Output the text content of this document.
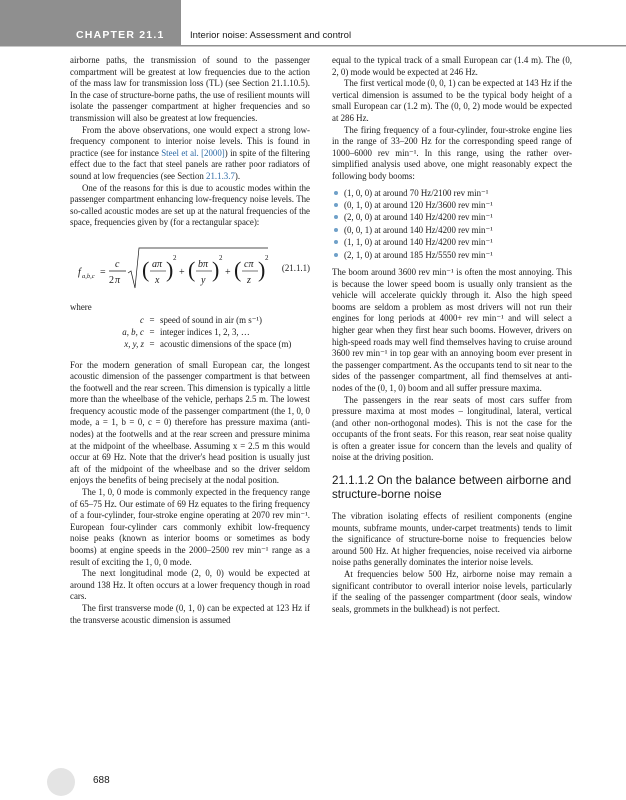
CHAPTER 21.1	Interior noise: Assessment and control

airborne paths, the transmission of sound to the passenger compartment will be greatest at low frequencies due to the action of the mass law for transmission loss (TL) (see Section 21.1.10.5). In the case of structure-borne paths, the use of resilient mounts will isolate the passenger compartment at higher frequencies and so transmission will also be greatest at low frequencies.

From the above observations, one would expect a strong low-frequency component to interior noise levels. This is found in practice (see for instance Steel et al. [2000]) in spite of the filtering effect due to the fact that steel panels are rather poor radiators of sound at low frequencies (see Section 21.1.3.7).

One of the reasons for this is due to acoustic modes within the passenger compartment enhancing low-frequency noise levels. The so-called acoustic modes are set up at the natural frequencies of the space, frequencies given by (for a rectangular space):

f a,b,c =
c
2 π ( aπ
x ) 2
+ ( bπ
y ) 2
+ ( cπ
z ) 2
(21.1.1)

where

c = speed of sound in air (m s⁻¹)
a, b, c = integer indices 1, 2, 3, …
x, y, z = acoustic dimensions of the space (m)

For the modern generation of small European car, the longest acoustic dimension of the passenger compartment is that between the footwell and the rear screen. This dimension is typically a little more than the wheelbase of the vehicle, perhaps 2.5 m. The lowest frequency acoustic mode of the passenger compartment (the 1, 0, 0 mode, a = 1, b = 0, c = 0) therefore has pressure maxima (anti-nodes) at the footwells and at the rear screen and pressure minima at the midpoint of the wheelbase. Assuming x = 2.5 m this would occur at 69 Hz. Note that the driver's head position is usually just aft of the midpoint of the wheelbase and so the driver seldom enjoys the benefits of being precisely at the nodal position.

The 1, 0, 0 mode is commonly expected in the frequency range of 65–75 Hz. Our estimate of 69 Hz equates to the firing frequency of a four-cylinder, four-stroke engine operating at 2070 rev min⁻¹. European four-cylinder cars commonly exhibit low-frequency noise peaks (known as interior booms or sometimes as body booms) at engine speeds in the 2000–2500 rev min⁻¹ range as a result of exciting the 1, 0, 0 mode.

The next longitudinal mode (2, 0, 0) would be expected at around 138 Hz. It often occurs at a lower frequency though in road cars.

The first transverse mode (0, 1, 0) can be expected at 123 Hz if the transverse acoustic dimension is assumed

equal to the typical track of a small European car (1.4 m). The (0, 2, 0) mode would be expected at 246 Hz.

The first vertical mode (0, 0, 1) can be expected at 143 Hz if the vertical dimension is assumed to be the typical body height of a small European car (1.2 m). The (0, 0, 2) mode would be expected at 286 Hz.

The firing frequency of a four-cylinder, four-stroke engine lies in the range of 33–200 Hz for the corresponding speed range of 1000–6000 rev min⁻¹. In this range, using the rather over-simplified analysis used above, one might reasonably expect the following body booms:

(1, 0, 0) at around 70 Hz/2100 rev min⁻¹
(0, 1, 0) at around 120 Hz/3600 rev min⁻¹
(2, 0, 0) at around 140 Hz/4200 rev min⁻¹
(0, 0, 1) at around 140 Hz/4200 rev min⁻¹
(1, 1, 0) at around 140 Hz/4200 rev min⁻¹
(2, 1, 0) at around 185 Hz/5550 rev min⁻¹

The boom around 3600 rev min⁻¹ is often the most annoying. This is because the lower speed boom is usually only transient as the vehicle will accelerate quickly through it. Also the high speed booms are seldom a problem as most drivers will not run their engines for long periods at 4000+ rev min⁻¹ and will select a higher gear when they first hear such booms. However, drivers on high-speed roads may well find themselves having to cruise around 3600 rev min⁻¹ in top gear with an annoying boom ever present in the passenger compartment. As the occupants tend to sit near to the sides of the passenger compartment, all find themselves at anti-nodes of the (0, 1, 0) boom and all suffer pressure maxima.

The passengers in the rear seats of most cars suffer from pressure maxima at most modes – longitudinal, lateral, vertical (and other non-orthogonal modes). This is not the case for the occupants of the front seats. For this reason, rear seat noise quality is often a greater issue for concern than the levels and quality of noise at the driving position.

21.1.1.2 On the balance between airborne and structure-borne noise

The vibration isolating effects of resilient components (engine mounts, subframe mounts, under-carpet treatments) tends to limit the significance of structure-borne noise to frequencies below around 500 Hz. At higher frequencies, noise received via airborne noise paths generally dominates the interior noise levels.

At frequencies below 500 Hz, airborne noise may remain a significant contributor to overall interior noise levels, particularly if the sealing of the passenger compartment (door seals, window seals, grommets in the bulkhead) is not perfect.

688
